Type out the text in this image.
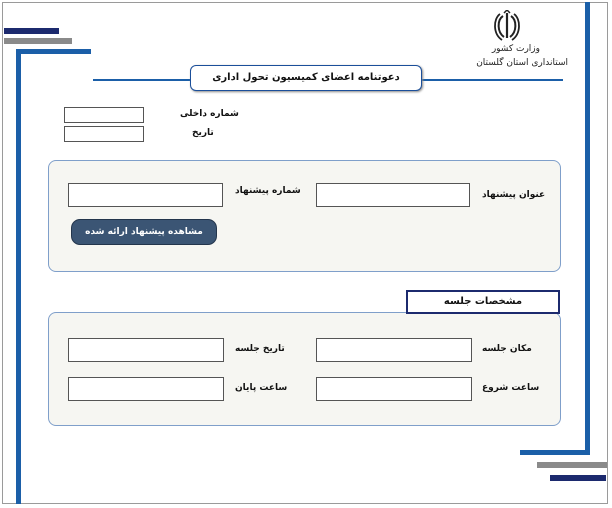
وزارت کشور
استانداری استان گلستان
دعوتنامه اعضای کمیسیون تحول اداری
شماره داخلی
تاریخ
عنوان پیشنهاد
شماره پیشنهاد
مشاهده پیشنهاد ارائه شده
مشخصات جلسه
مکان جلسه
تاریخ جلسه
ساعت شروع
ساعت پایان
